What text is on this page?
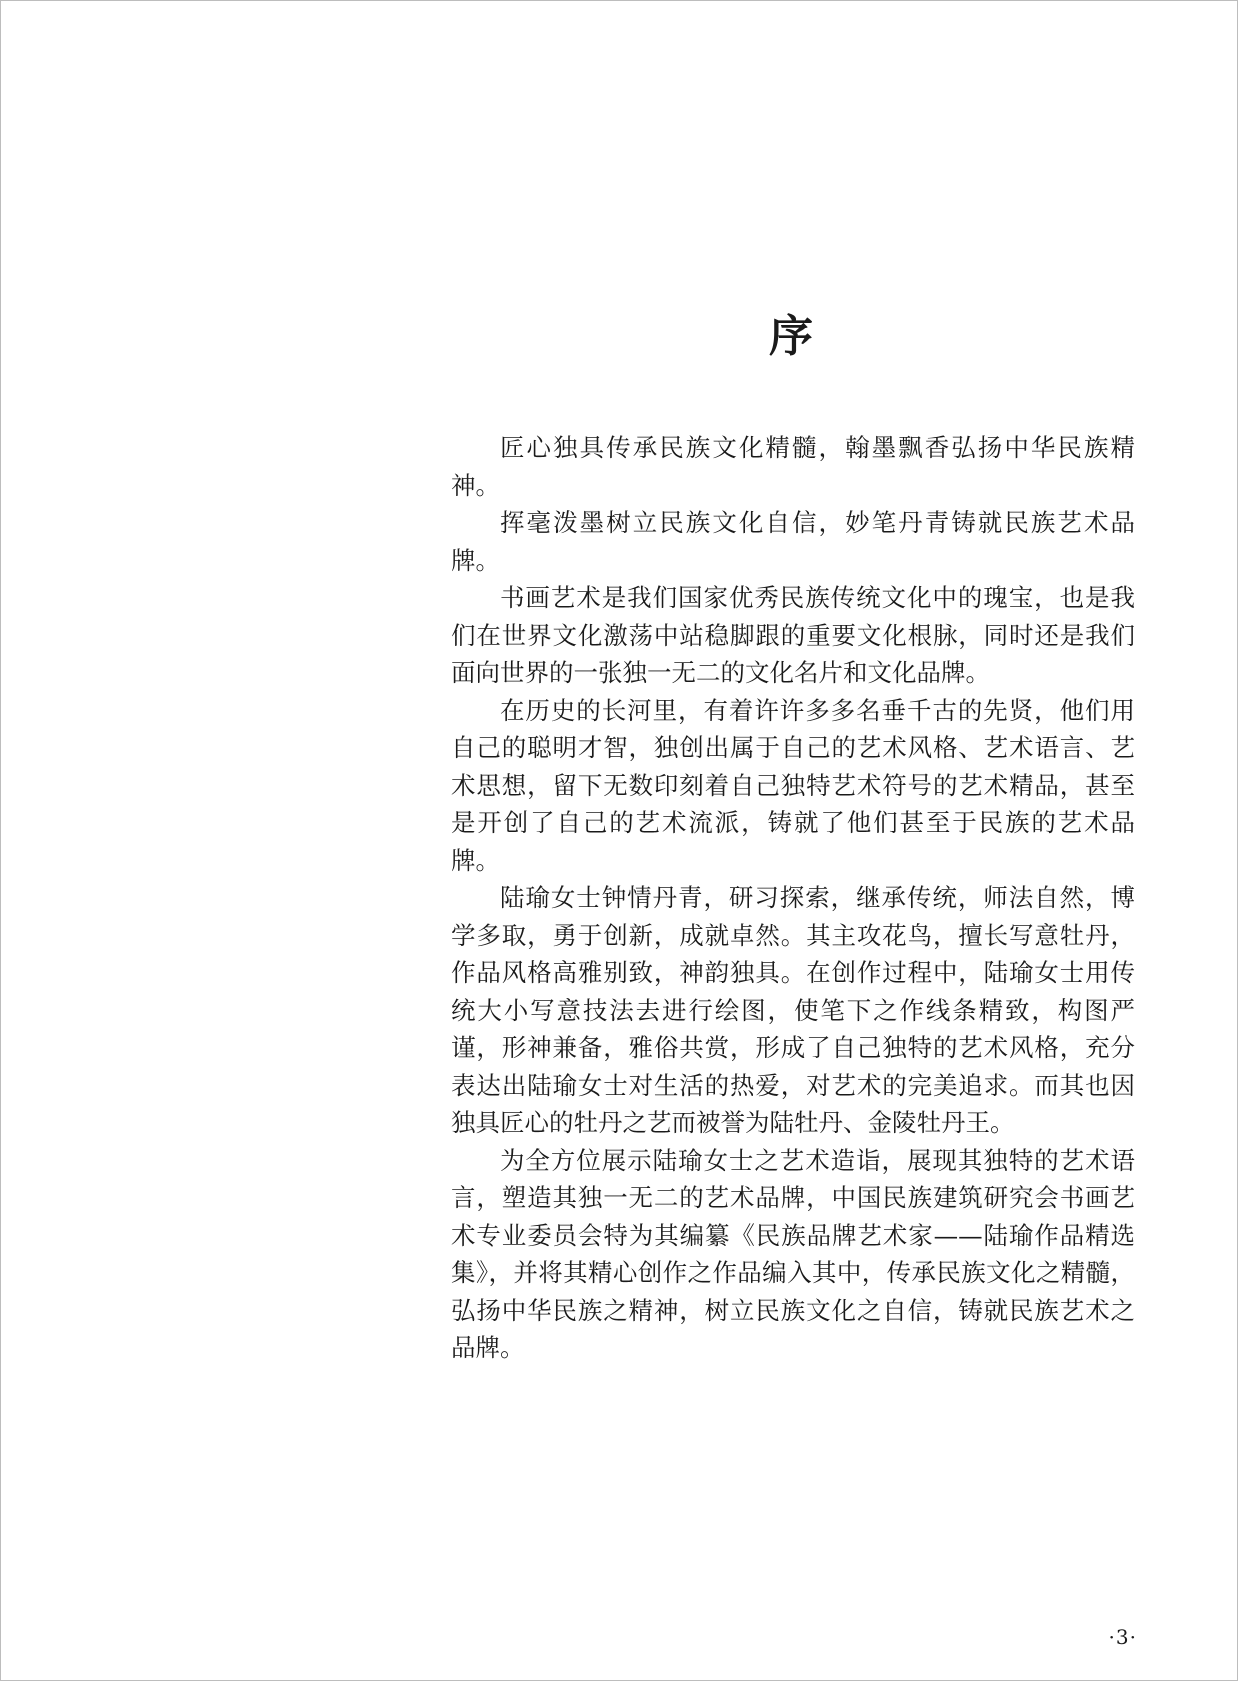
序

匠心独具传承民族文化精髓，翰墨飘香弘扬中华民族精神。

挥毫泼墨树立民族文化自信，妙笔丹青铸就民族艺术品牌。

书画艺术是我们国家优秀民族传统文化中的瑰宝，也是我们在世界文化激荡中站稳脚跟的重要文化根脉，同时还是我们面向世界的一张独一无二的文化名片和文化品牌。

在历史的长河里，有着许许多多名垂千古的先贤，他们用自己的聪明才智，独创出属于自己的艺术风格、艺术语言、艺术思想，留下无数印刻着自己独特艺术符号的艺术精品，甚至是开创了自己的艺术流派，铸就了他们甚至于民族的艺术品牌。

陆瑜女士钟情丹青，研习探索，继承传统，师法自然，博学多取，勇于创新，成就卓然。其主攻花鸟，擅长写意牡丹，作品风格高雅别致，神韵独具。在创作过程中，陆瑜女士用传统大小写意技法去进行绘图，使笔下之作线条精致，构图严谨，形神兼备，雅俗共赏，形成了自己独特的艺术风格，充分表达出陆瑜女士对生活的热爱，对艺术的完美追求。而其也因独具匠心的牡丹之艺而被誉为陆牡丹、金陵牡丹王。

为全方位展示陆瑜女士之艺术造诣，展现其独特的艺术语言，塑造其独一无二的艺术品牌，中国民族建筑研究会书画艺术专业委员会特为其编纂《民族品牌艺术家——陆瑜作品精选集》，并将其精心创作之作品编入其中，传承民族文化之精髓，弘扬中华民族之精神，树立民族文化之自信，铸就民族艺术之品牌。

·3·
